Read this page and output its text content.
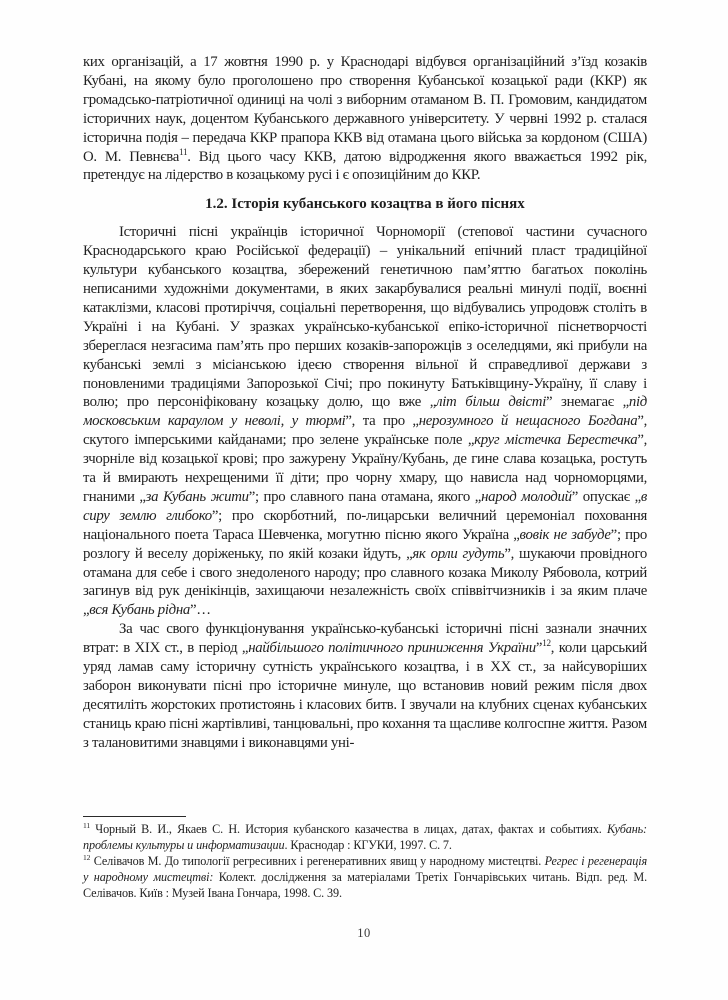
ких організацій, а 17 жовтня 1990 р. у Краснодарі відбувся організаційний з’їзд козаків Кубані, на якому було проголошено про створення Кубанської козацької ради (ККР) як громадсько-патріотичної одиниці на чолі з виборним отаманом В. П. Громовим, кандидатом історичних наук, доцентом Кубанського державного університету. У червні 1992 р. сталася історична подія – передача ККР прапора ККВ від отамана цього війська за кордоном (США) О. М. Певнєва$^{11}$. Від цього часу ККВ, датою відродження якого вважається 1992 рік, претендує на лідерство в козацькому русі і є опозиційним до ККР.

1.2. Історія кубанського козацтва в його піснях

Історичні пісні українців історичної Чорноморії (степової частини сучасного Краснодарського краю Російської федерації) – унікальний епічний пласт традиційної культури кубанського козацтва, збережений генетичною пам’яттю багатьох поколінь неписаними художніми документами, в яких закарбувалися реальні минулі події, воєнні катаклізми, класові протиріччя, соціальні перетворення, що відбувались упродовж століть в Україні і на Кубані. У зразках українсько-кубанської епіко-історичної піснетворчості збереглася незгасима пам’ять про перших козаків-запорожців з оселедцями, які прибули на кубанські землі з місіанською ідеєю створення вільної й справедливої держави з поновленими традиціями Запорозької Січі; про покинуту Батьківщину-Україну, її славу і волю; про персоніфіковану козацьку долю, що вже „літ більш двісті” знемагає „під московським караулом у неволі, у тюрмі”, та про „нерозумного й нещасного Богдана”, скутого імперськими кайданами; про зелене українське поле „круг містечка Берестечка”, зчорніле від козацької крові; про зажурену Україну/Кубань, де гине слава козацька, ростуть та й вмирають нехрещеними її діти; про чорну хмару, що нависла над чорноморцями, гнаними „за Кубань жити”; про славного пана отамана, якого „народ молодий” опускає „в сиру землю глибоко”; про скорботний, по-лицарськи величний церемоніал поховання національного поета Тараса Шевченка, могутню пісню якого Україна „вовік не забуде”; про розлогу й веселу доріженьку, по якій козаки йдуть, „як орли гудуть”, шукаючи провідного отамана для себе і свого знедоленого народу; про славного козака Миколу Рябовола, котрий загинув від рук денікінців, захищаючи незалежність своїх співвітчизників і за яким плаче „вся Кубань рідна”…

За час свого функціонування українсько-кубанські історичні пісні зазнали значних втрат: в XIX ст., в період „найбільшого політичного приниження України”$^{12}$, коли царський уряд ламав саму історичну сутність українського козацтва, і в XX ст., за найсуворіших заборон виконувати пісні про історичне минуле, що встановив новий режим після двох десятиліть жорстоких протистоянь і класових битв. І звучали на клубних сценах кубанських станиць краю пісні жартівливі, танцювальні, про кохання та щасливе колгоспне життя. Разом з талановитими знавцями і виконавцями уні-

$^{11}$ Чорный В. И., Якаев С. Н. История кубанского казачества в лицах, датах, фактах и событиях. Кубань: проблемы культуры и информатизации. Краснодар : КГУКИ, 1997. С. 7.

$^{12}$ Селівачов М. До типології регресивних і регенеративних явищ у народному мистецтві. Регрес і регенерація у народному мистецтві: Колект. дослідження за матеріалами Третіх Гончарівських читань. Відп. ред. М. Селівачов. Київ : Музей Івана Гончара, 1998. С. 39.

10
